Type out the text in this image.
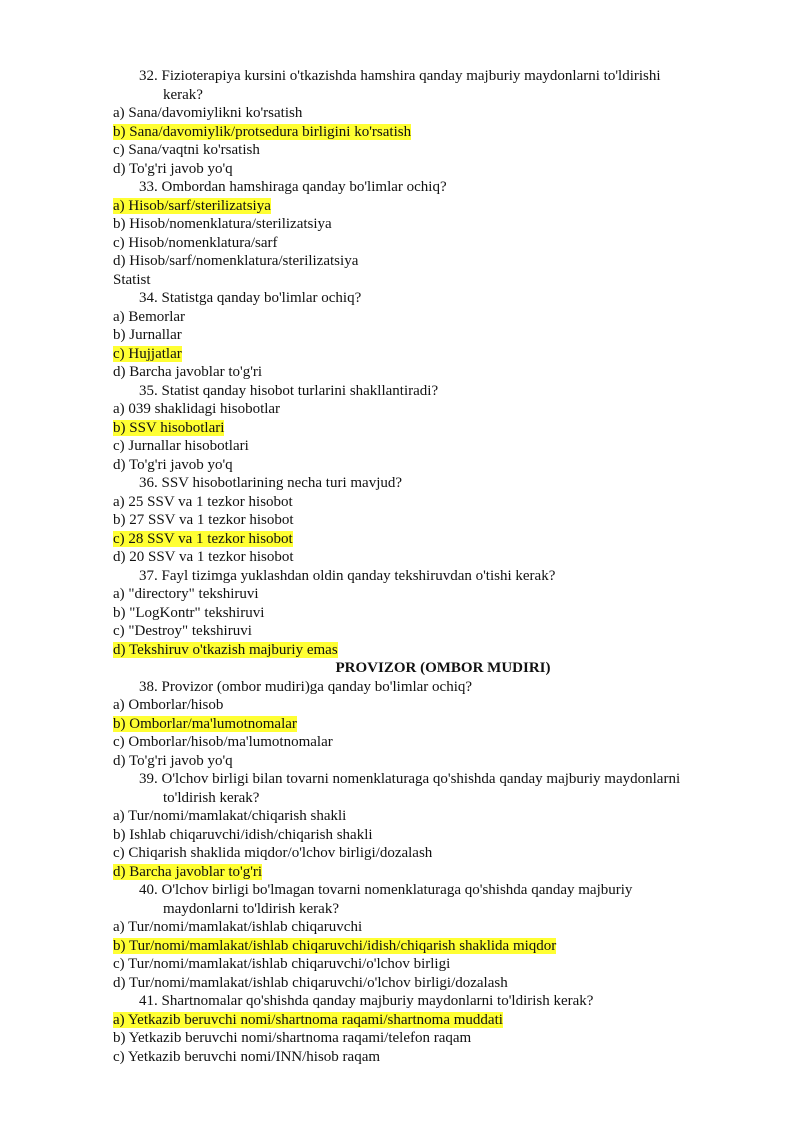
32. Fizioterapiya kursini o'tkazishda hamshira qanday majburiy maydonlarni to'ldirishi
kerak?
a) Sana/davomiylikni ko'rsatish
b) Sana/davomiylik/protsedura birligini ko'rsatish
c) Sana/vaqtni ko'rsatish
d) To'g'ri javob yo'q
33. Ombordan hamshiraga qanday bo'limlar ochiq?
a) Hisob/sarf/sterilizatsiya
b) Hisob/nomenklatura/sterilizatsiya
c) Hisob/nomenklatura/sarf
d) Hisob/sarf/nomenklatura/sterilizatsiya
Statist
34. Statistga qanday bo'limlar ochiq?
a) Bemorlar
b) Jurnallar
c) Hujjatlar
d) Barcha javoblar to'g'ri
35. Statist qanday hisobot turlarini shakllantiradi?
a) 039 shaklidagi hisobotlar
b) SSV hisobotlari
c) Jurnallar hisobotlari
d) To'g'ri javob yo'q
36. SSV hisobotlarining necha turi mavjud?
a) 25 SSV va 1 tezkor hisobot
b) 27 SSV va 1 tezkor hisobot
c) 28 SSV va 1 tezkor hisobot
d) 20 SSV va 1 tezkor hisobot
37. Fayl tizimga yuklashdan oldin qanday tekshiruvdan o'tishi kerak?
a) "directory" tekshiruvi
b) "LogKontr" tekshiruvi
c) "Destroy" tekshiruvi
d) Tekshiruv o'tkazish majburiy emas
PROVIZOR (OMBOR MUDIRI)
38. Provizor (ombor mudiri)ga qanday bo'limlar ochiq?
a) Omborlar/hisob
b) Omborlar/ma'lumotnomalar
c) Omborlar/hisob/ma'lumotnomalar
d) To'g'ri javob yo'q
39. O'lchov birligi bilan tovarni nomenklaturaga qo'shishda qanday majburiy maydonlarni
to'ldirish kerak?
a) Tur/nomi/mamlakat/chiqarish shakli
b) Ishlab chiqaruvchi/idish/chiqarish shakli
c) Chiqarish shaklida miqdor/o'lchov birligi/dozalash
d) Barcha javoblar to'g'ri
40. O'lchov birligi bo'lmagan tovarni nomenklaturaga qo'shishda qanday majburiy
maydonlarni to'ldirish kerak?
a) Tur/nomi/mamlakat/ishlab chiqaruvchi
b) Tur/nomi/mamlakat/ishlab chiqaruvchi/idish/chiqarish shaklida miqdor
c) Tur/nomi/mamlakat/ishlab chiqaruvchi/o'lchov birligi
d) Tur/nomi/mamlakat/ishlab chiqaruvchi/o'lchov birligi/dozalash
41. Shartnomalar qo'shishda qanday majburiy maydonlarni to'ldirish kerak?
a) Yetkazib beruvchi nomi/shartnoma raqami/shartnoma muddati
b) Yetkazib beruvchi nomi/shartnoma raqami/telefon raqam
c) Yetkazib beruvchi nomi/INN/hisob raqam
